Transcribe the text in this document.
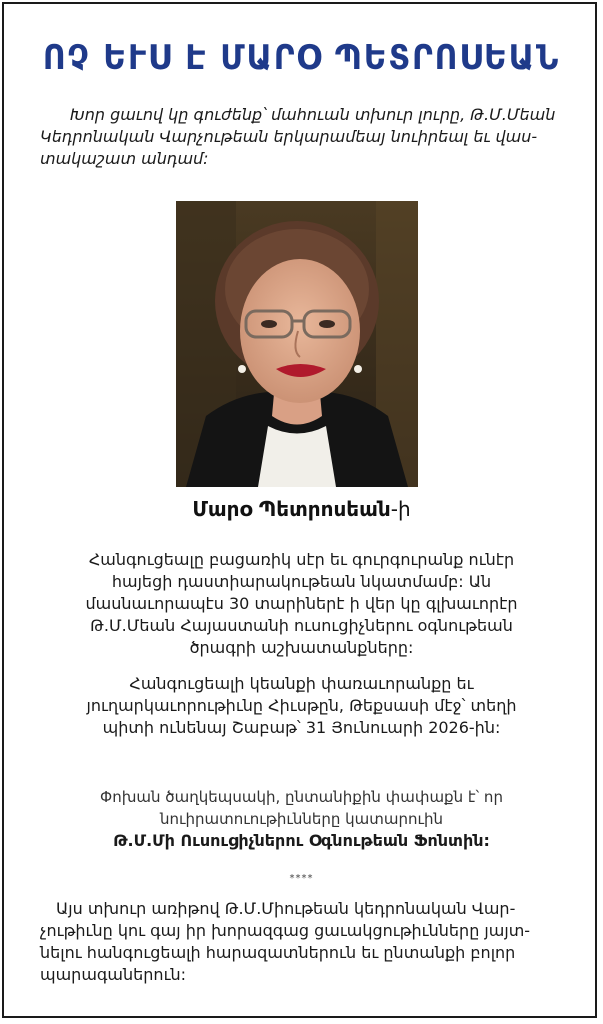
ՈՉ ԵՒՍ Է ՄԱՐՕ ՊԵՏՐՈՍԵԱՆ
Խոր ցաւով կը գուժենք՝ մահուան տխուր լուրը, Թ.Մ.Մեան
Կեդրոնական Վարչութեան երկարամեայ նուիրեալ եւ վաս-
տակաշատ անդամ:
Մարօ Պետրոսեան-ի
Հանգուցեալը բացառիկ սէր եւ գուրգուրանք ունէր
հայեցի դաստիարակութեան նկատմամբ: Ան
մասնաւորապէս 30 տարիներէ ի վեր կը գլխաւորէր
Թ.Մ.Մեան Հայաստանի ուսուցիչներու օգնութեան
ծրագրի աշխատանքները:
Հանգուցեալի կեանքի փառաւորանքը եւ
յուղարկաւորութիւնը Հիւսթըն, Թեքսասի մէջ՝ տեղի
պիտի ունենայ Շաբաթ՝ 31 Յունուարի 2026-ին:
Փոխան ծաղկեպսակի, ընտանիքին փափաքն է՝ որ
նուիրատուութիւնները կատարուին
Թ.Մ.Մի Ուսուցիչներու Օգնութեան Ֆոնտին:
****
Այս տխուր առիթով Թ.Մ.Միութեան կեդրոնական Վար-
չութիւնը կու գայ իր խորազգաց ցաւակցութիւնները յայտ-
նելու հանգուցեալի հարազատներուն եւ ընտանքի բոլոր
պարագաներուն:
